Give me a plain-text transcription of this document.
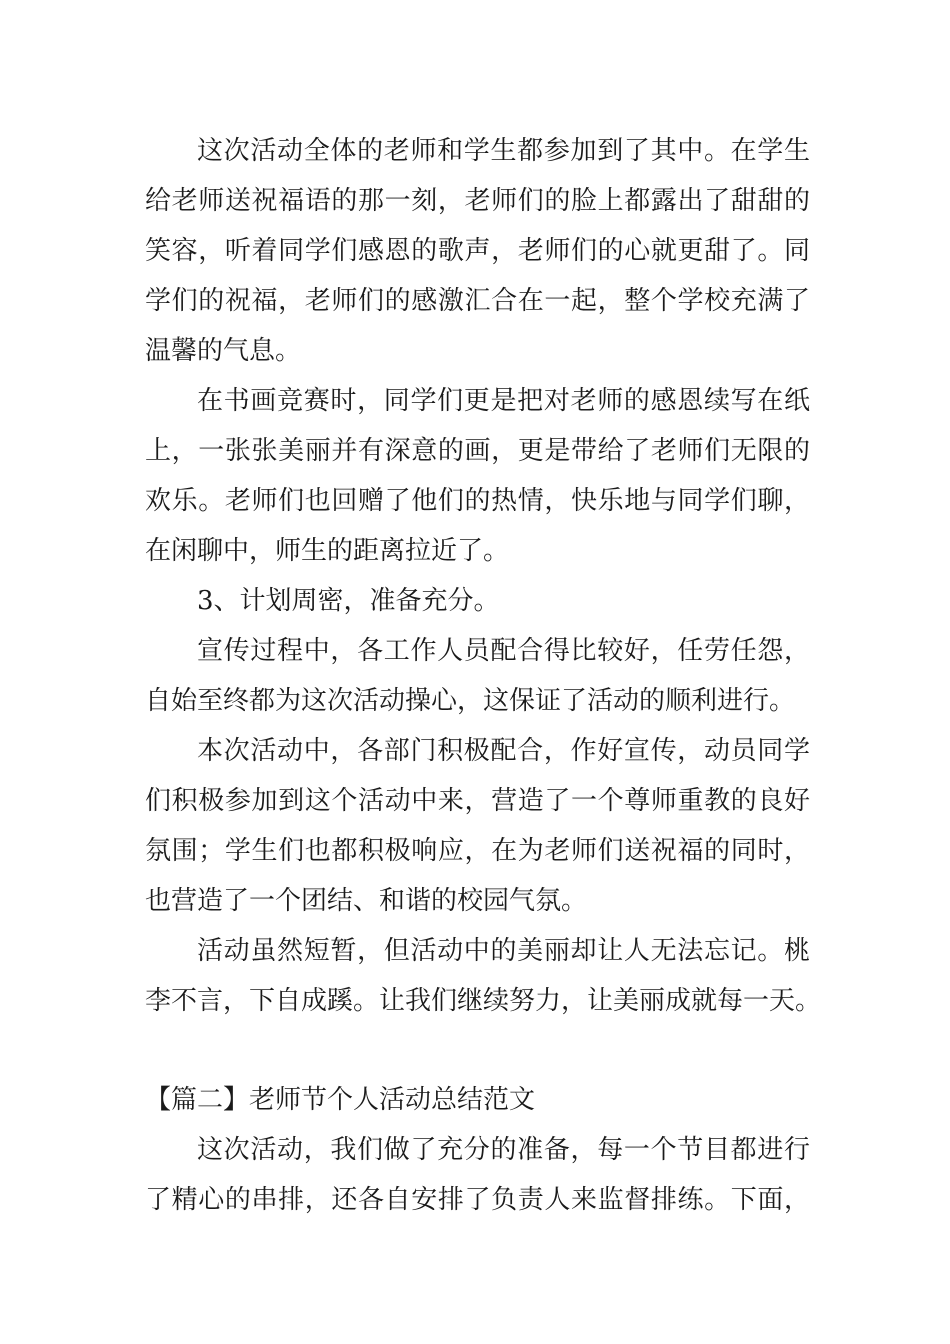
这次活动全体的老师和学生都参加到了其中。在学生

给老师送祝福语的那一刻，老师们的脸上都露出了甜甜的

笑容，听着同学们感恩的歌声，老师们的心就更甜了。同

学们的祝福，老师们的感激汇合在一起，整个学校充满了

温馨的气息。

在书画竞赛时，同学们更是把对老师的感恩续写在纸

上，一张张美丽并有深意的画，更是带给了老师们无限的

欢乐。老师们也回赠了他们的热情，快乐地与同学们聊，

在闲聊中，师生的距离拉近了。

3、计划周密，准备充分。

宣传过程中，各工作人员配合得比较好，任劳任怨，

自始至终都为这次活动操心，这保证了活动的顺利进行。

本次活动中，各部门积极配合，作好宣传，动员同学

们积极参加到这个活动中来，营造了一个尊师重教的良好

氛围；学生们也都积极响应，在为老师们送祝福的同时，

也营造了一个团结、和谐的校园气氛。

活动虽然短暂，但活动中的美丽却让人无法忘记。桃

李不言，下自成蹊。让我们继续努力，让美丽成就每一天。

【篇二】老师节个人活动总结范文

这次活动，我们做了充分的准备，每一个节目都进行

了精心的串排，还各自安排了负责人来监督排练。下面，
